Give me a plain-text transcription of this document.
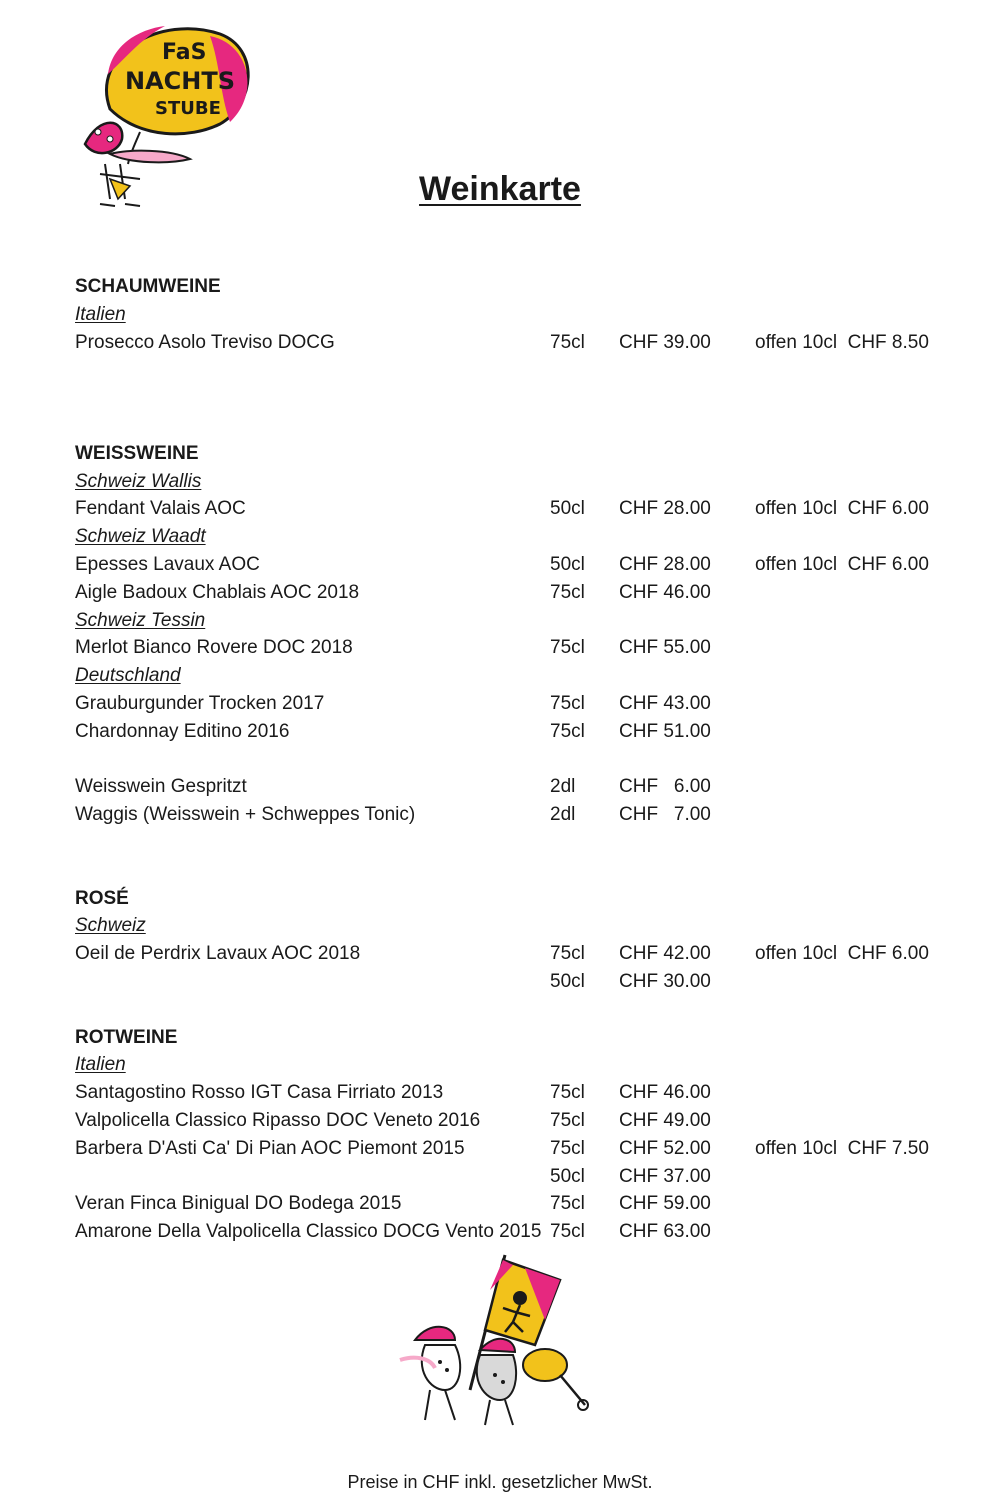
FaS
NACHTS
STUBE
Weinkarte
SCHAUMWEINE
Italien
Prosecco Asolo Treviso DOCG	75cl CHF 39.00 offen 10cl  CHF 8.50
WEISSWEINE
Schweiz Wallis
Fendant Valais AOC	50cl CHF 28.00 offen 10cl  CHF 6.00
Schweiz Waadt
Epesses Lavaux AOC	50cl CHF 28.00 offen 10cl  CHF 6.00
Aigle Badoux Chablais AOC 2018	75cl CHF 46.00
Schweiz Tessin
Merlot Bianco Rovere DOC 2018	75cl CHF 55.00
Deutschland
Grauburgunder Trocken 2017	75cl CHF 43.00
Chardonnay Editino 2016	75cl CHF 51.00
Weisswein Gespritzt	2dl CHF   6.00
Waggis (Weisswein + Schweppes Tonic)	2dl CHF   7.00
ROSÉ
Schweiz
Oeil de Perdrix Lavaux AOC 2018	75cl CHF 42.00 offen 10cl  CHF 6.00
50cl CHF 30.00
ROTWEINE
Italien
Santagostino Rosso IGT Casa Firriato 2013	75cl CHF 46.00
Valpolicella Classico Ripasso DOC Veneto 2016	75cl CHF 49.00
Barbera D'Asti Ca' Di Pian AOC Piemont 2015	75cl CHF 52.00 offen 10cl  CHF 7.50
50cl CHF 37.00
Veran Finca Binigual DO Bodega 2015	75cl CHF 59.00
Amarone Della Valpolicella Classico DOCG Vento 2015 75cl CHF 63.00
Preise in CHF inkl. gesetzlicher MwSt.
